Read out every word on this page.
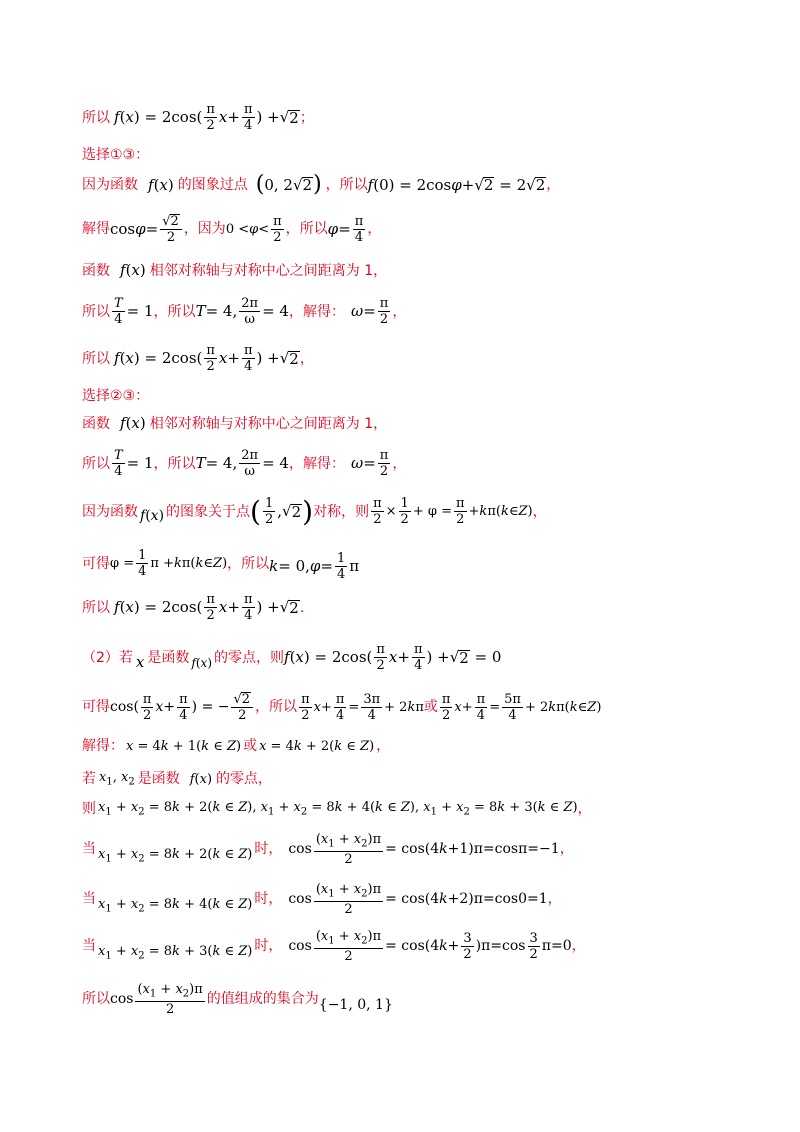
所以 f ( x ) = $2\cos( \frac{\pi}{2}$ $x + \frac{\pi}{4}$ ) + √ 2 ；
选择①③：
因为函数 f(x) 的图象过点 ( 0, 2 √ 2 ) ，所以 f (0) = 2cos φ + √ 2 = 2 √ 2 ，
解得 $\cos \varphi = \frac{√ 2}{2}$ ，因为 $0 < \varphi < \frac{\pi}{2}$ ，所以 $\varphi = \frac{\pi}{4}$ ，
函数 f(x) 相邻对称轴与对称中心之间距离为 1，
所以 $\frac{T}{4} = 1$ ，所以 T = 4, $\frac{2\pi}{\omega} = 4$ ，解得： $\omega = \frac{\pi}{2}$ ，
所以 f ( x ) = $2\cos( \frac{\pi}{2}$ $x + \frac{\pi}{4}$ ) + √ 2 ，
选择②③：
函数 f(x) 相邻对称轴与对称中心之间距离为 1，
所以 $\frac{T}{4} = 1$ ，所以 T = 4, $\frac{2\pi}{\omega} = 4$ ，解得： $\omega = \frac{\pi}{2}$ ，
因为函数 f(x) 的图象关于点 ( $\frac{1}{2}$ , √ 2 ) 对称，则 $\frac{\pi}{2} \times \frac{1}{2} + \varphi = \frac{\pi}{2} + k$ π( k ∈ Z ) ，
可得 $\varphi = \frac{1}{4}$ π + k π( k ∈ Z ) ，所以 k = 0, $\varphi = \frac{1}{4}$ π
所以 f ( x ) = $2\cos( \frac{\pi}{2}$ $x + \frac{\pi}{4}$ ) + √ 2 .
（2）若 x 是函数 f(x) 的零点，则 f ( x ) = $2\cos( \frac{\pi}{2}$ $x + \frac{\pi}{4}$ ) + √ 2 = 0
可得 $\cos( \frac{\pi}{2}$ $x + \frac{\pi}{4}$ ) = − $\frac{√ 2}{2}$ ，所以 $\frac{\pi}{2}$ $x + \frac{\pi}{4} = \frac{3\pi}{4} + 2$ k π 或 $\frac{\pi}{2}$ $x + \frac{\pi}{4} = \frac{5\pi}{4} + 2$ k π( k ∈ Z )
解得： x = 4k + 1(k ∈ Z) 或 x = 4k + 2(k ∈ Z) ，
若 $x_1$, $x_2$ 是函数 f(x) 的零点，
则 $x_1 + x_2 = 8k + 2(k$ ∈ Z), $x_1 + x_2 = 8k + 4(k$ ∈ Z), $x_1 + x_2 = 8k + 3(k$ ∈ Z) ，
当 $x_1 + x_2 = 8k + 2(k$ ∈ Z) 时， $\cos \frac{(x_1 + x_2)\pi}{2} = \cos(4$ k +1)π=cosπ=−1 ，
当 $x_1 + x_2 = 8k + 4(k$ ∈ Z) 时， $\cos \frac{(x_1 + x_2)\pi}{2} = \cos(4$ k +2)π=cos0=1 ，
当 $x_1 + x_2 = 8k + 3(k$ ∈ Z) 时， $\cos \frac{(x_1 + x_2)\pi}{2} = \cos(4$ $k + \frac{3}{2} )\pi=\cos \frac{3}{2} \pi=0$ ，
所以 $\cos \frac{(x_1 + x_2)\pi}{2}$ 的值组成的集合为 {−1, 0, 1}
